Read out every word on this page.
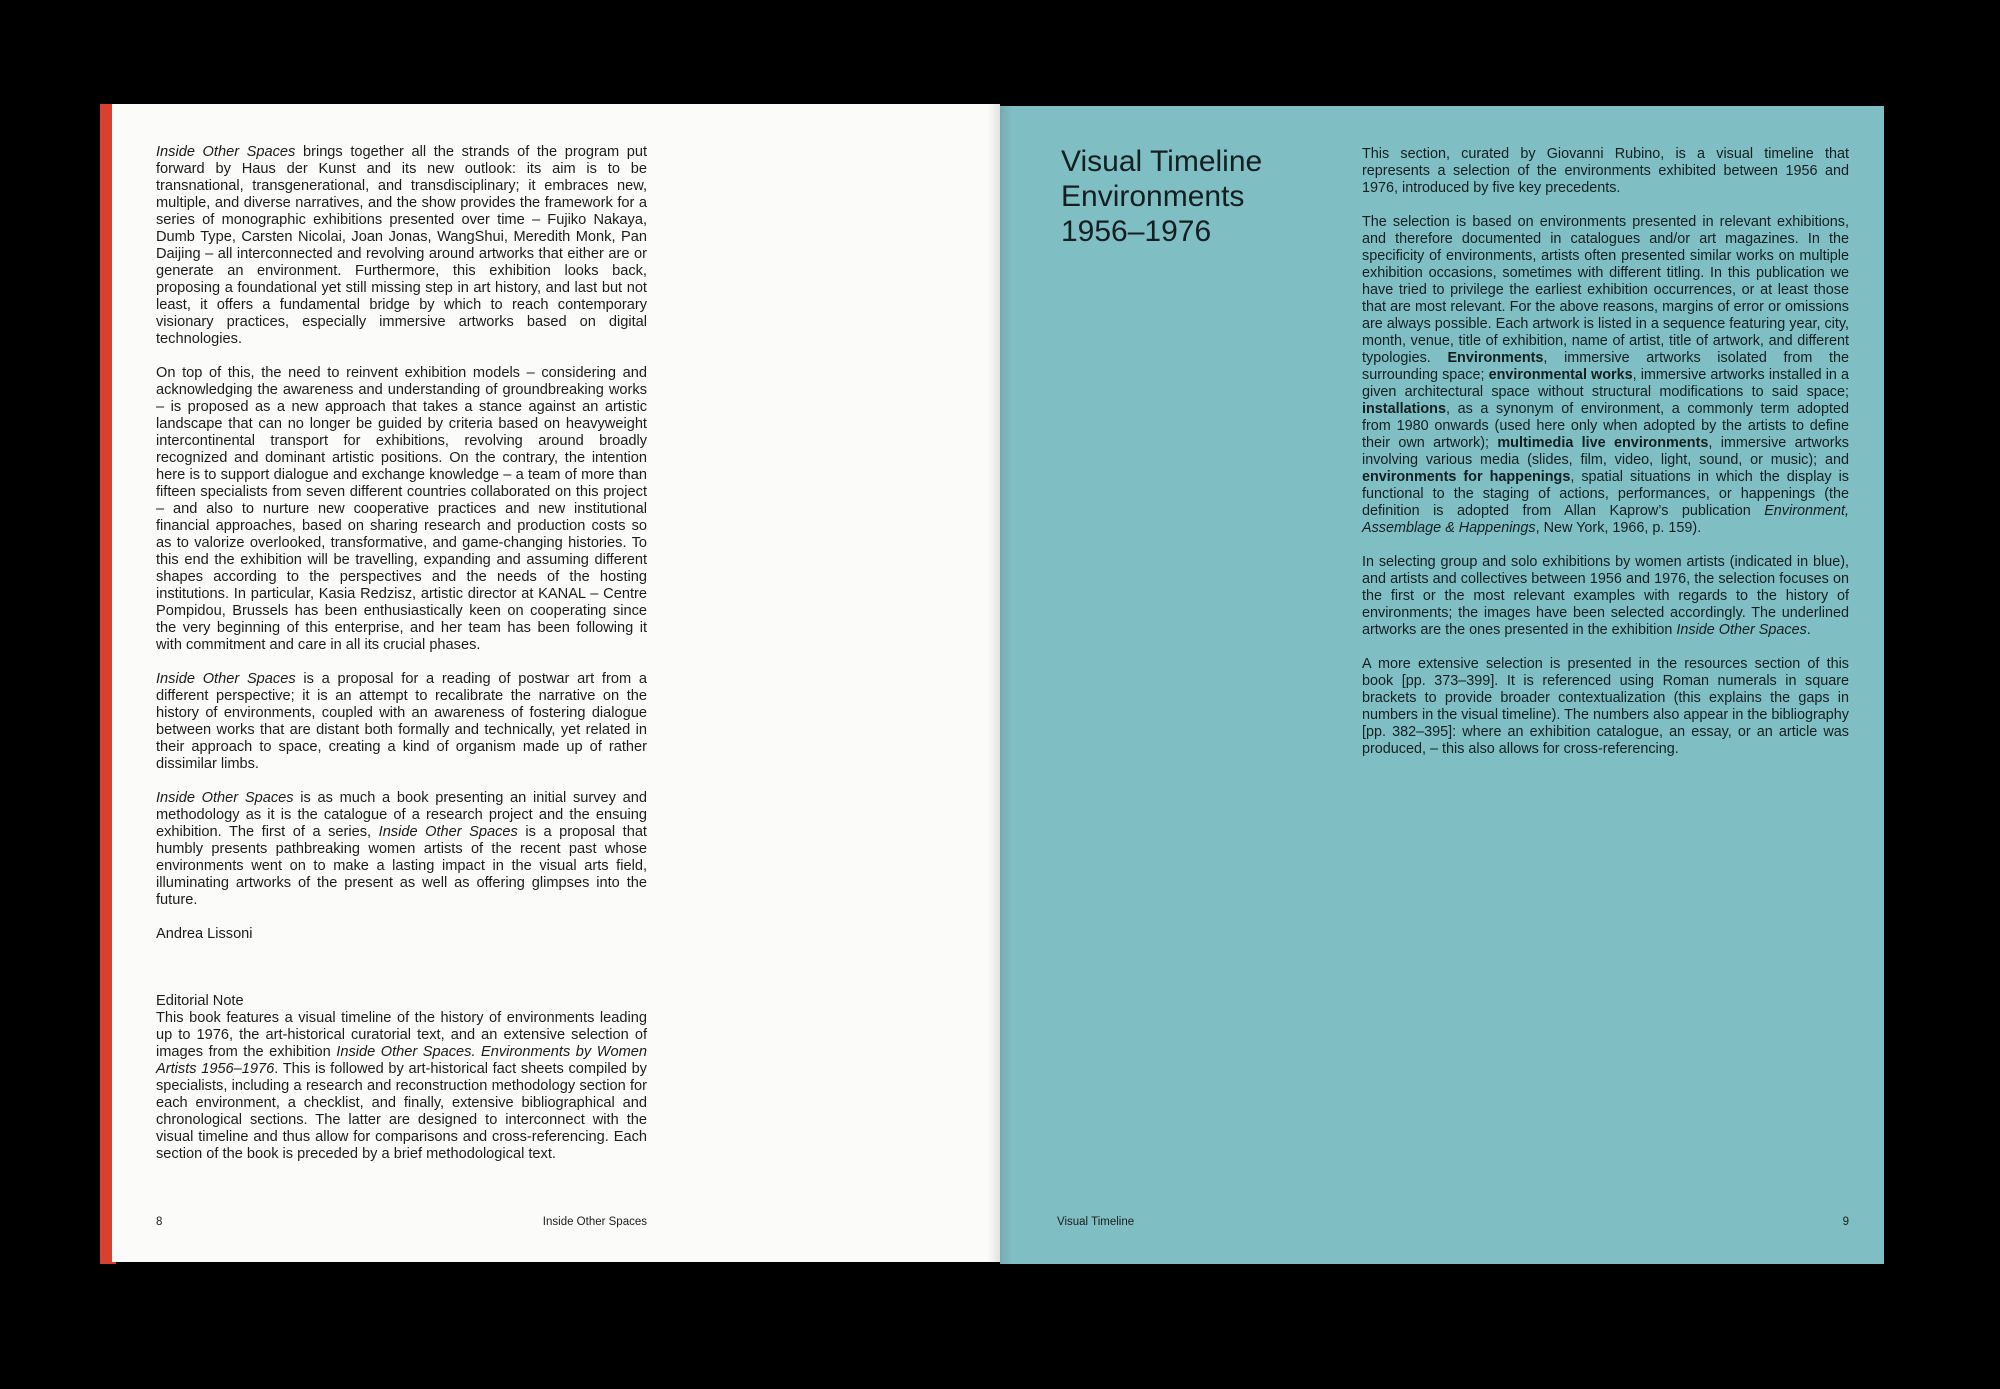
Inside Other Spaces brings together all the strands of the program put forward by Haus der Kunst and its new outlook: its aim is to be transnational, transgenerational, and transdisciplinary; it embraces new, multiple, and diverse narratives, and the show provides the framework for a series of monographic exhibitions presented over time – Fujiko Nakaya, Dumb Type, Carsten Nicolai, Joan Jonas, WangShui, Meredith Monk, Pan Daijing – all interconnected and revolving around artworks that either are or generate an environment. Furthermore, this exhibition looks back, proposing a foundational yet still missing step in art history, and last but not least, it offers a fundamental bridge by which to reach contemporary visionary practices, especially immersive artworks based on digital technologies.

On top of this, the need to reinvent exhibition models – considering and acknowledging the awareness and understanding of groundbreaking works – is proposed as a new approach that takes a stance against an artistic landscape that can no longer be guided by criteria based on heavyweight intercontinental transport for exhibitions, revolving around broadly recognized and dominant artistic positions. On the contrary, the intention here is to support dialogue and exchange knowledge – a team of more than fifteen specialists from seven different countries collaborated on this project – and also to nurture new cooperative practices and new institutional financial approaches, based on sharing research and production costs so as to valorize overlooked, transformative, and game-changing histories. To this end the exhibition will be travelling, expanding and assuming different shapes according to the perspectives and the needs of the hosting institutions. In particular, Kasia Redzisz, artistic director at KANAL – Centre Pompidou, Brussels has been enthusiastically keen on cooperating since the very beginning of this enterprise, and her team has been following it with commitment and care in all its crucial phases.

Inside Other Spaces is a proposal for a reading of postwar art from a different perspective; it is an attempt to recalibrate the narrative on the history of environments, coupled with an awareness of fostering dialogue between works that are distant both formally and technically, yet related in their approach to space, creating a kind of organism made up of rather dissimilar limbs.

Inside Other Spaces is as much a book presenting an initial survey and methodology as it is the catalogue of a research project and the ensuing exhibition. The first of a series, Inside Other Spaces is a proposal that humbly presents pathbreaking women artists of the recent past whose environments went on to make a lasting impact in the visual arts field, illuminating artworks of the present as well as offering glimpses into the future.

Andrea Lissoni

Editorial Note
This book features a visual timeline of the history of environments leading up to 1976, the art-historical curatorial text, and an extensive selection of images from the exhibition Inside Other Spaces. Environments by Women Artists 1956–1976. This is followed by art-historical fact sheets compiled by specialists, including a research and reconstruction methodology section for each environment, a checklist, and finally, extensive bibliographical and chronological sections. The latter are designed to interconnect with the visual timeline and thus allow for comparisons and cross-referencing. Each section of the book is preceded by a brief methodological text.
8	Inside Other Spaces
Visual Timeline
Environments
1956–1976

This section, curated by Giovanni Rubino, is a visual timeline that represents a selection of the environments exhibited between 1956 and 1976, introduced by five key precedents.

The selection is based on environments presented in relevant exhibitions, and therefore documented in catalogues and/or art magazines. In the specificity of environments, artists often presented similar works on multiple exhibition occasions, sometimes with different titling. In this publication we have tried to privilege the earliest exhibition occurrences, or at least those that are most relevant. For the above reasons, margins of error or omissions are always possible. Each artwork is listed in a sequence featuring year, city, month, venue, title of exhibition, name of artist, title of artwork, and different typologies. Environments, immersive artworks isolated from the surrounding space; environmental works, immersive artworks installed in a given architectural space without structural modifications to said space; installations, as a synonym of environment, a commonly term adopted from 1980 onwards (used here only when adopted by the artists to define their own artwork); multimedia live environments, immersive artworks involving various media (slides, film, video, light, sound, or music); and environments for happenings, spatial situations in which the display is functional to the staging of actions, performances, or happenings (the definition is adopted from Allan Kaprow’s publication Environment, Assemblage & Happenings, New York, 1966, p. 159).

In selecting group and solo exhibitions by women artists (indicated in blue), and artists and collectives between 1956 and 1976, the selection focuses on the first or the most relevant examples with regards to the history of environments; the images have been selected accordingly. The underlined artworks are the ones presented in the exhibition Inside Other Spaces.

A more extensive selection is presented in the resources section of this book [pp. 373–399]. It is referenced using Roman numerals in square brackets to provide broader contextualization (this explains the gaps in numbers in the visual timeline). The numbers also appear in the bibliography [pp. 382–395]: where an exhibition catalogue, an essay, or an article was produced, – this also allows for cross-referencing.

Visual Timeline	9
